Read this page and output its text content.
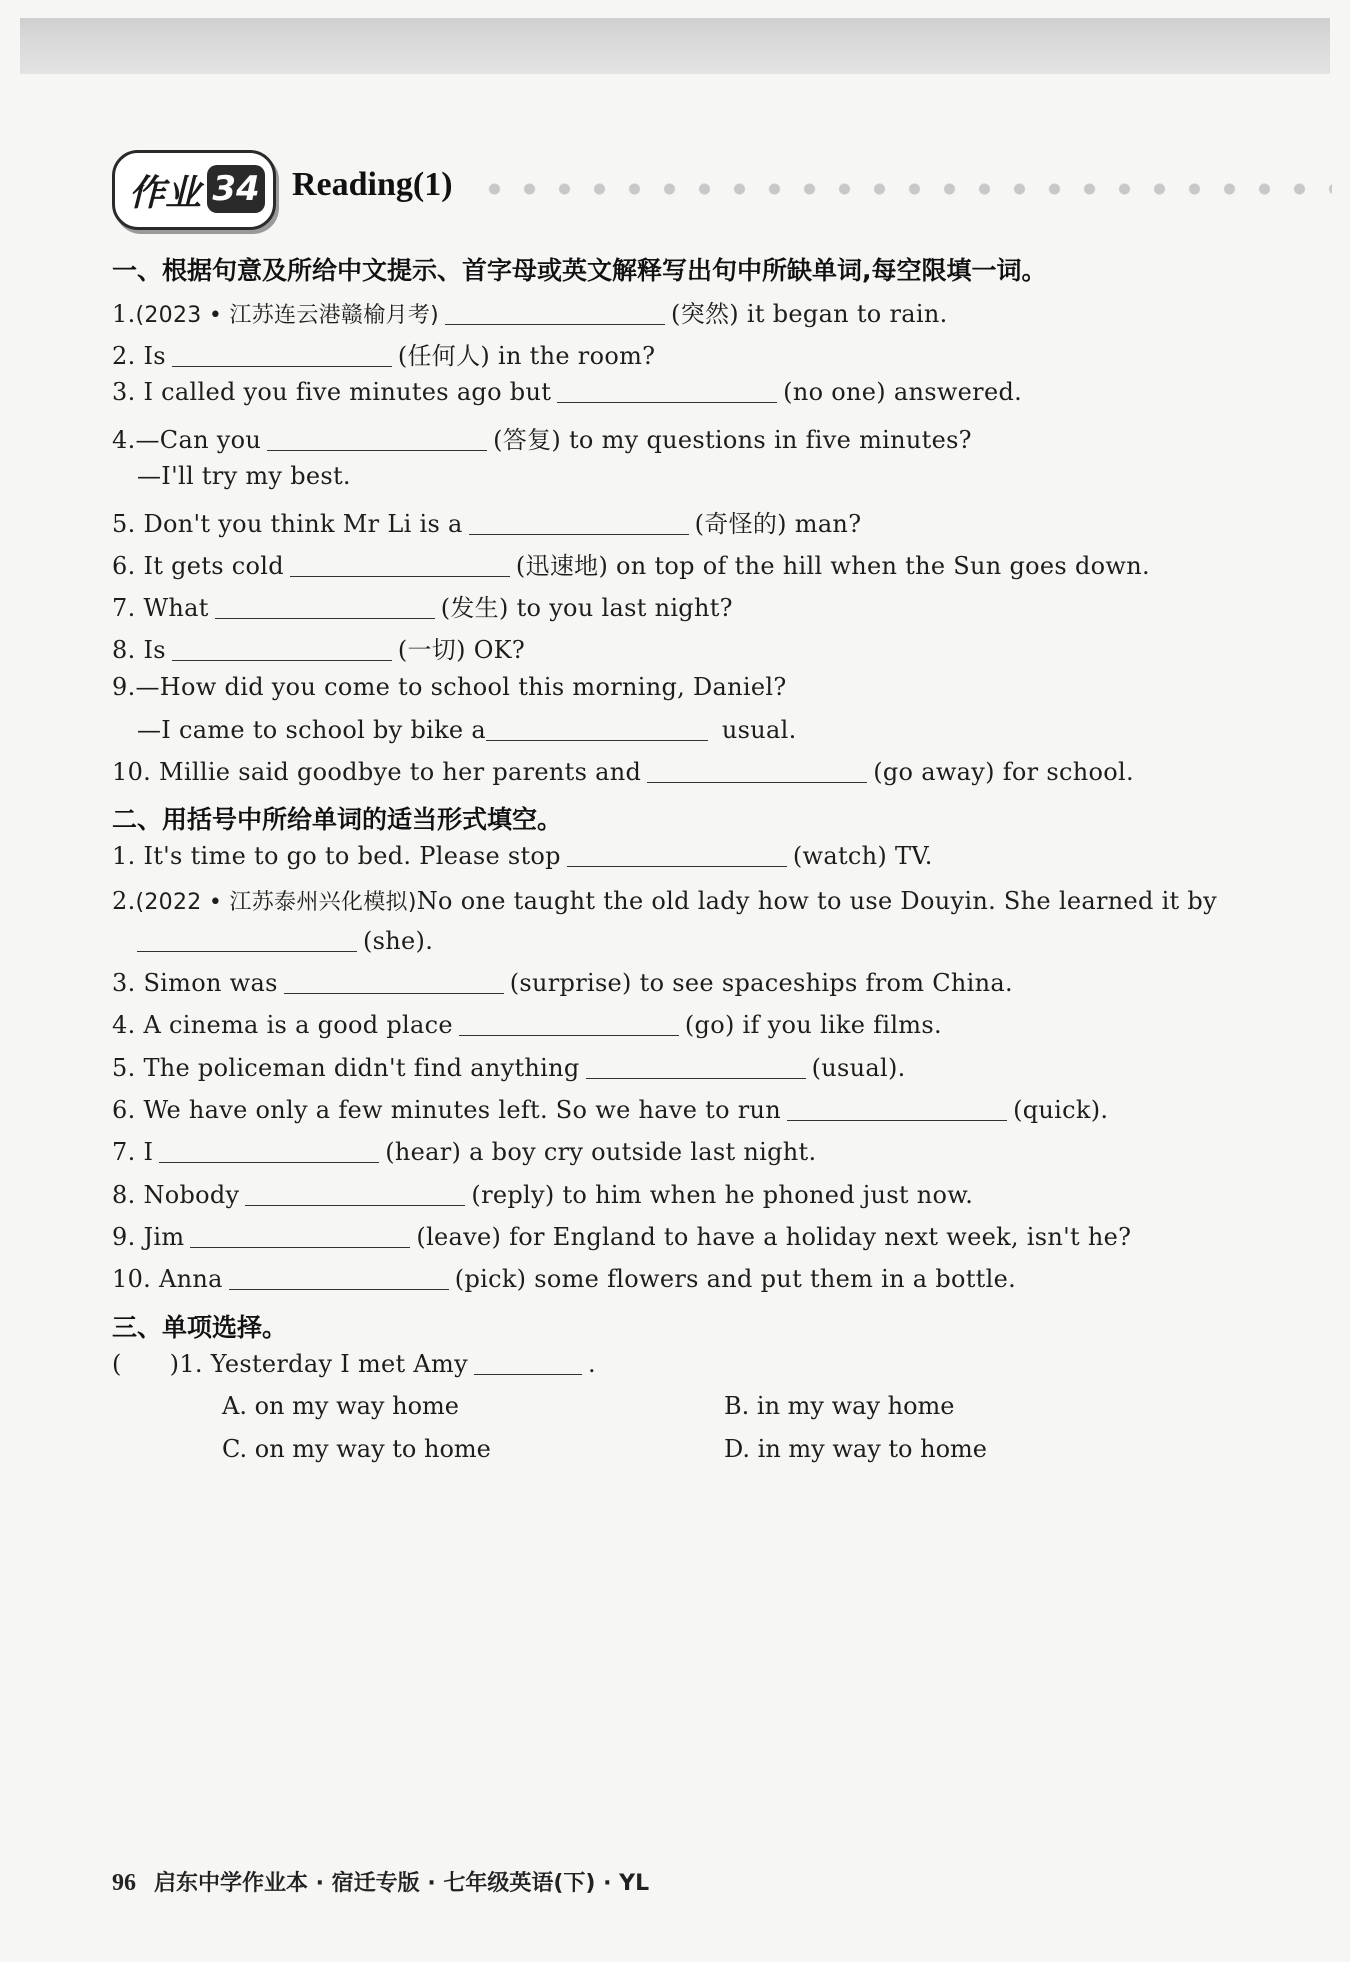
作业 34 Reading(1)
一、根据句意及所给中文提示、首字母或英文解释写出句中所缺单词,每空限填一词。
1.(2023 • 江苏连云港赣榆月考)	(突然) it began to rain.
2. Is	(任何人) in the room?
3. I called you five minutes ago but	(no one) answered.
4.—Can you	(答复) to my questions in five minutes?
—I'll try my best.
5. Don't you think Mr Li is a	(奇怪的) man?
6. It gets cold	(迅速地) on top of the hill when the Sun goes down.
7. What	(发生) to you last night?
8. Is	(一切) OK?
9.—How did you come to school this morning, Daniel?
—I came to school by bike a	usual.
10. Millie said goodbye to her parents and	(go away) for school.
二、用括号中所给单词的适当形式填空。
1. It's time to go to bed. Please stop	(watch) TV.
2.(2022 • 江苏泰州兴化模拟)No one taught the old lady how to use Douyin. She learned it by
(she).
3. Simon was	(surprise) to see spaceships from China.
4. A cinema is a good place	(go) if you like films.
5. The policeman didn't find anything	(usual).
6. We have only a few minutes left. So we have to run	(quick).
7. I	(hear) a boy cry outside last night.
8. Nobody	(reply) to him when he phoned just now.
9. Jim	(leave) for England to have a holiday next week, isn't he?
10. Anna	(pick) some flowers and put them in a bottle.
三、单项选择。
( )1. Yesterday I met Amy	.
A. on my way home	B. in my way home
C. on my way to home	D. in my way to home
96 启东中学作业本 · 宿迁专版 · 七年级英语(下) · YL
